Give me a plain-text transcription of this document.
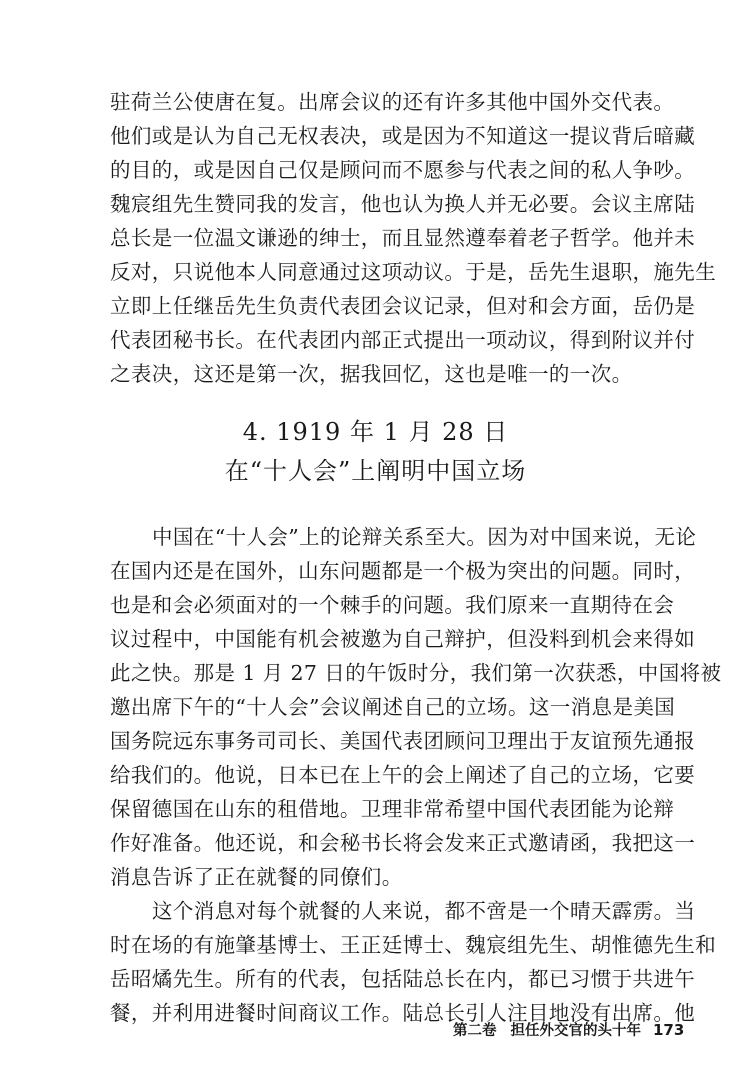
驻荷兰公使唐在复。出席会议的还有许多其他中国外交代表。
他们或是认为自己无权表决，或是因为不知道这一提议背后暗藏
的目的，或是因自己仅是顾问而不愿参与代表之间的私人争吵。
魏宸组先生赞同我的发言，他也认为换人并无必要。会议主席陆
总长是一位温文谦逊的绅士，而且显然遵奉着老子哲学。他并未
反对，只说他本人同意通过这项动议。于是，岳先生退职，施先生
立即上任继岳先生负责代表团会议记录，但对和会方面，岳仍是
代表团秘书长。在代表团内部正式提出一项动议，得到附议并付
之表决，这还是第一次，据我回忆，这也是唯一的一次。
4. 1919 年 1 月 28 日
在“十人会”上阐明中国立场
中国在“十人会”上的论辩关系至大。因为对中国来说，无论
在国内还是在国外，山东问题都是一个极为突出的问题。同时，
也是和会必须面对的一个棘手的问题。我们原来一直期待在会
议过程中，中国能有机会被邀为自己辩护，但没料到机会来得如
此之快。那是 1 月 27 日的午饭时分，我们第一次获悉，中国将被
邀出席下午的“十人会”会议阐述自己的立场。这一消息是美国
国务院远东事务司司长、美国代表团顾问卫理出于友谊预先通报
给我们的。他说，日本已在上午的会上阐述了自己的立场，它要
保留德国在山东的租借地。卫理非常希望中国代表团能为论辩
作好准备。他还说，和会秘书长将会发来正式邀请函，我把这一
消息告诉了正在就餐的同僚们。
这个消息对每个就餐的人来说，都不啻是一个晴天霹雳。当
时在场的有施肇基博士、王正廷博士、魏宸组先生、胡惟德先生和
岳昭燏先生。所有的代表，包括陆总长在内，都已习惯于共进午
餐，并利用进餐时间商议工作。陆总长引人注目地没有出席。他
第二卷 担任外交官的头十年 173
